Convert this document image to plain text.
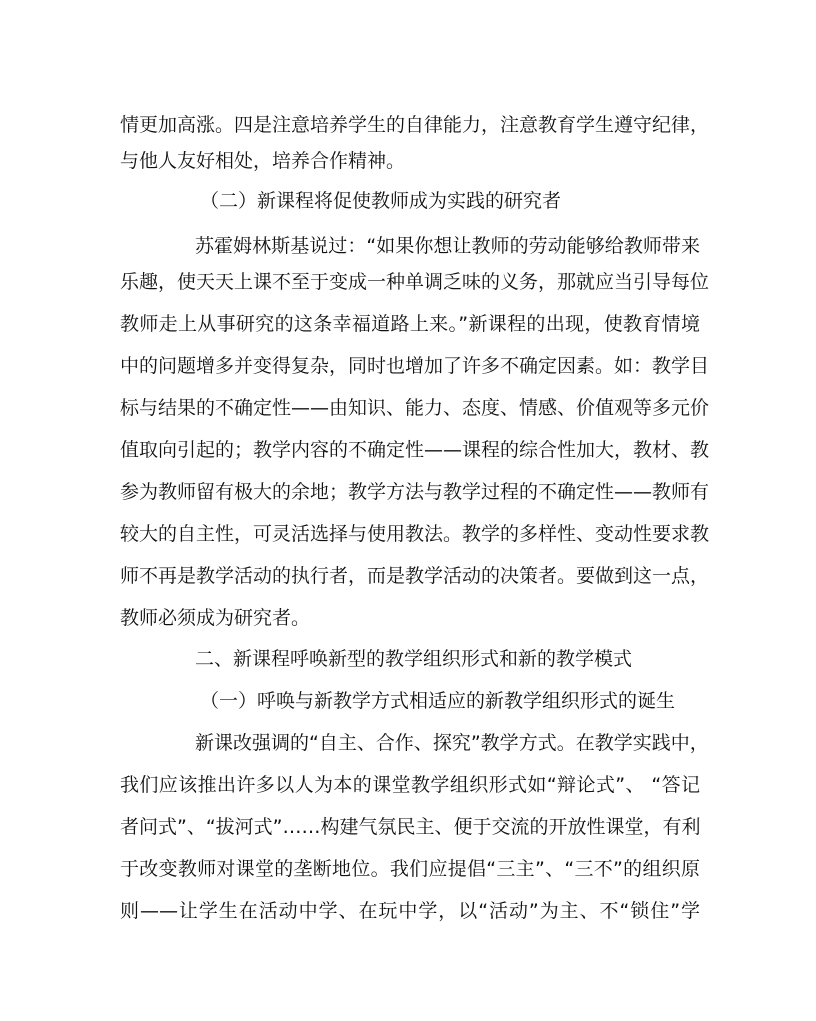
情更加高涨。四是注意培养学生的自律能力，注意教育学生遵守纪律，
与他人友好相处，培养合作精神。
（二）新课程将促使教师成为实践的研究者
苏霍姆林斯基说过：“如果你想让教师的劳动能够给教师带来
乐趣，使天天上课不至于变成一种单调乏味的义务，那就应当引导每位
教师走上从事研究的这条幸福道路上来。”新课程的出现，使教育情境
中的问题增多并变得复杂，同时也增加了许多不确定因素。如：教学目
标与结果的不确定性——由知识、能力、态度、情感、价值观等多元价
值取向引起的；教学内容的不确定性——课程的综合性加大，教材、教
参为教师留有极大的余地；教学方法与教学过程的不确定性——教师有
较大的自主性，可灵活选择与使用教法。教学的多样性、变动性要求教
师不再是教学活动的执行者，而是教学活动的决策者。要做到这一点，
教师必须成为研究者。
二、新课程呼唤新型的教学组织形式和新的教学模式
（一）呼唤与新教学方式相适应的新教学组织形式的诞生
新课改强调的“自主、合作、探究”教学方式。在教学实践中，
我们应该推出许多以人为本的课堂教学组织形式如“辩论式”、 “答记
者问式”、“拔河式”……构建气氛民主、便于交流的开放性课堂，有利
于改变教师对课堂的垄断地位。我们应提倡“三主”、“三不”的组织原
则——让学生在活动中学、在玩中学，以“活动”为主、不“锁住”学
